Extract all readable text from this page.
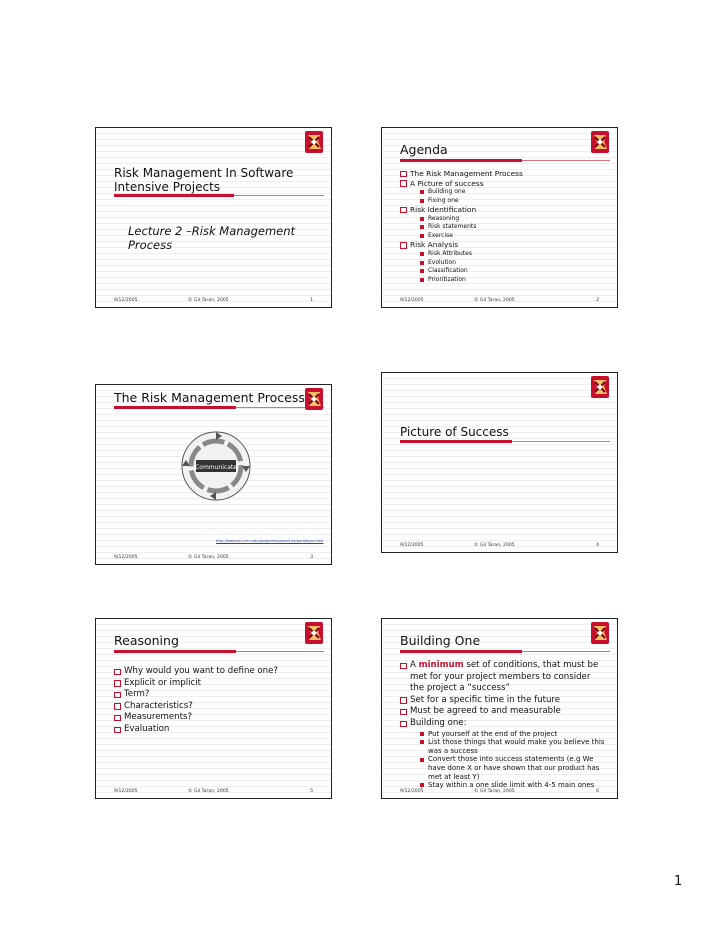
Risk Management In Software
Intensive Projects
Lecture 2 –Risk Management
Process
9/12/2005	© Gil Taran, 2005	1
Agenda
The Risk Management Process
A Picture of success
Building one
Fixing one
Risk Identification
Reasoning
Risk statements
Exercise
Risk Analysis
Risk Attributes
Evolution
Classification
Prioritization
9/12/2005	© Gil Taran, 2005	2
The Risk Management Process
Communicate
http://www.sei.cmu.edu/programs/sepm/risk/paradigm.html
9/12/2005	© Gil Taran, 2005	3
Picture of Success
9/12/2005	© Gil Taran, 2005	4
Reasoning
Why would you want to define one?
Explicit or implicit
Term?
Characteristics?
Measurements?
Evaluation
9/12/2005	© Gil Taran, 2005	5
Building One
A minimum set of conditions, that must be met for your project members to consider the project a “success”
Set for a specific time in the future
Must be agreed to and measurable
Building one:
Put yourself at the end of the project
List those things that would make you believe this was a success
Convert those into success statements (e.g We have done X or have shown that our product has met at least Y)
Stay within a one slide limit with 4-5 main ones
9/12/2005	© Gil Taran, 2005	6
1
